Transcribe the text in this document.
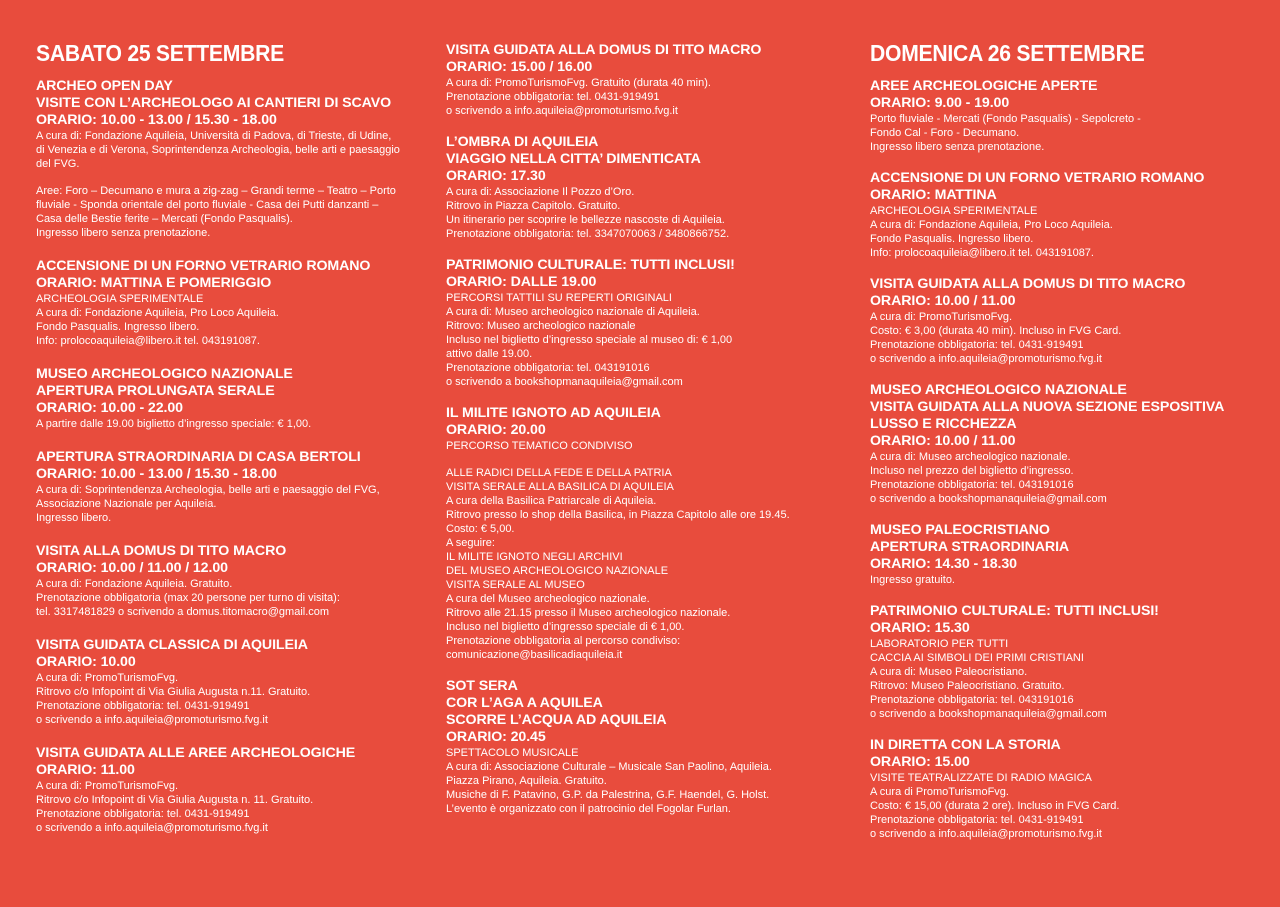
SABATO 25 SETTEMBRE
ARCHEO OPEN DAY
VISITE CON L’ARCHEOLOGO AI CANTIERI DI SCAVO
ORARIO: 10.00 - 13.00 / 15.30 - 18.00
A cura di: Fondazione Aquileia, Università di Padova, di Trieste, di Udine,
di Venezia e di Verona, Soprintendenza Archeologia, belle arti e paesaggio
del FVG.
Aree: Foro – Decumano e mura a zig-zag – Grandi terme – Teatro – Porto
fluviale - Sponda orientale del porto fluviale - Casa dei Putti danzanti –
Casa delle Bestie ferite – Mercati (Fondo Pasqualis).
Ingresso libero senza prenotazione.
ACCENSIONE DI UN FORNO VETRARIO ROMANO
ORARIO: MATTINA E POMERIGGIO
ARCHEOLOGIA SPERIMENTALE
A cura di: Fondazione Aquileia, Pro Loco Aquileia.
Fondo Pasqualis. Ingresso libero.
Info: prolocoaquileia@libero.it tel. 043191087.
MUSEO ARCHEOLOGICO NAZIONALE
APERTURA PROLUNGATA SERALE
ORARIO: 10.00 - 22.00
A partire dalle 19.00 biglietto d’ingresso speciale: € 1,00.
APERTURA STRAORDINARIA DI CASA BERTOLI
ORARIO: 10.00 - 13.00 / 15.30 - 18.00
A cura di: Soprintendenza Archeologia, belle arti e paesaggio del FVG,
Associazione Nazionale per Aquileia.
Ingresso libero.
VISITA ALLA DOMUS DI TITO MACRO
ORARIO: 10.00 / 11.00 / 12.00
A cura di: Fondazione Aquileia. Gratuito.
Prenotazione obbligatoria (max 20 persone per turno di visita):
tel. 3317481829 o scrivendo a domus.titomacro@gmail.com
VISITA GUIDATA CLASSICA DI AQUILEIA
ORARIO: 10.00
A cura di: PromoTurismoFvg.
Ritrovo c/o Infopoint di Via Giulia Augusta n.11. Gratuito.
Prenotazione obbligatoria: tel. 0431-919491
o scrivendo a info.aquileia@promoturismo.fvg.it
VISITA GUIDATA ALLE AREE ARCHEOLOGICHE
ORARIO: 11.00
A cura di: PromoTurismoFvg.
Ritrovo c/o Infopoint di Via Giulia Augusta n. 11. Gratuito.
Prenotazione obbligatoria: tel. 0431-919491
o scrivendo a info.aquileia@promoturismo.fvg.it
VISITA GUIDATA ALLA DOMUS DI TITO MACRO
ORARIO: 15.00 / 16.00
A cura di: PromoTurismoFvg. Gratuito (durata 40 min).
Prenotazione obbligatoria: tel. 0431-919491
o scrivendo a info.aquileia@promoturismo.fvg.it
L’OMBRA DI AQUILEIA
VIAGGIO NELLA CITTA’ DIMENTICATA
ORARIO: 17.30
A cura di: Associazione Il Pozzo d’Oro.
Ritrovo in Piazza Capitolo. Gratuito.
Un itinerario per scoprire le bellezze nascoste di Aquileia.
Prenotazione obbligatoria: tel. 3347070063 / 3480866752.
PATRIMONIO CULTURALE: TUTTI INCLUSI!
ORARIO: DALLE 19.00
PERCORSI TATTILI SU REPERTI ORIGINALI
A cura di: Museo archeologico nazionale di Aquileia.
Ritrovo: Museo archeologico nazionale
Incluso nel biglietto d’ingresso speciale al museo di: € 1,00
attivo dalle 19.00.
Prenotazione obbligatoria: tel. 043191016
o scrivendo a bookshopmanaquileia@gmail.com
IL MILITE IGNOTO AD AQUILEIA
ORARIO: 20.00
PERCORSO TEMATICO CONDIVISO
ALLE RADICI DELLA FEDE E DELLA PATRIA
VISITA SERALE ALLA BASILICA DI AQUILEIA
A cura della Basilica Patriarcale di Aquileia.
Ritrovo presso lo shop della Basilica, in Piazza Capitolo alle ore 19.45.
Costo: € 5,00.
A seguire:
IL MILITE IGNOTO NEGLI ARCHIVI
DEL MUSEO ARCHEOLOGICO NAZIONALE
VISITA SERALE AL MUSEO
A cura del Museo archeologico nazionale.
Ritrovo alle 21.15 presso il Museo archeologico nazionale.
Incluso nel biglietto d’ingresso speciale di € 1,00.
Prenotazione obbligatoria al percorso condiviso:
comunicazione@basilicadiaquileia.it
SOT SERA
COR L’AGA A AQUILEA
SCORRE L’ACQUA AD AQUILEIA
ORARIO: 20.45
SPETTACOLO MUSICALE
A cura di: Associazione Culturale – Musicale San Paolino, Aquileia.
Piazza Pirano, Aquileia. Gratuito.
Musiche di F. Patavino, G.P. da Palestrina, G.F. Haendel, G. Holst.
L’evento è organizzato con il patrocinio del Fogolar Furlan.
DOMENICA 26 SETTEMBRE
AREE ARCHEOLOGICHE APERTE
ORARIO: 9.00 - 19.00
Porto fluviale - Mercati (Fondo Pasqualis) - Sepolcreto -
Fondo Cal - Foro - Decumano.
Ingresso libero senza prenotazione.
ACCENSIONE DI UN FORNO VETRARIO ROMANO
ORARIO: MATTINA
ARCHEOLOGIA SPERIMENTALE
A cura di: Fondazione Aquileia, Pro Loco Aquileia.
Fondo Pasqualis. Ingresso libero.
Info: prolocoaquileia@libero.it tel. 043191087.
VISITA GUIDATA ALLA DOMUS DI TITO MACRO
ORARIO: 10.00 / 11.00
A cura di: PromoTurismoFvg.
Costo: € 3,00 (durata 40 min). Incluso in FVG Card.
Prenotazione obbligatoria: tel. 0431-919491
o scrivendo a info.aquileia@promoturismo.fvg.it
MUSEO ARCHEOLOGICO NAZIONALE
VISITA GUIDATA ALLA NUOVA SEZIONE ESPOSITIVA
LUSSO E RICCHEZZA
ORARIO: 10.00 / 11.00
A cura di: Museo archeologico nazionale.
Incluso nel prezzo del biglietto d’ingresso.
Prenotazione obbligatoria: tel. 043191016
o scrivendo a bookshopmanaquileia@gmail.com
MUSEO PALEOCRISTIANO
APERTURA STRAORDINARIA
ORARIO: 14.30 - 18.30
Ingresso gratuito.
PATRIMONIO CULTURALE: TUTTI INCLUSI!
ORARIO: 15.30
LABORATORIO PER TUTTI
CACCIA AI SIMBOLI DEI PRIMI CRISTIANI
A cura di: Museo Paleocristiano.
Ritrovo: Museo Paleocristiano. Gratuito.
Prenotazione obbligatoria: tel. 043191016
o scrivendo a bookshopmanaquileia@gmail.com
IN DIRETTA CON LA STORIA
ORARIO: 15.00
VISITE TEATRALIZZATE DI RADIO MAGICA
A cura di PromoTurismoFvg.
Costo: € 15,00 (durata 2 ore). Incluso in FVG Card.
Prenotazione obbligatoria: tel. 0431-919491
o scrivendo a info.aquileia@promoturismo.fvg.it
